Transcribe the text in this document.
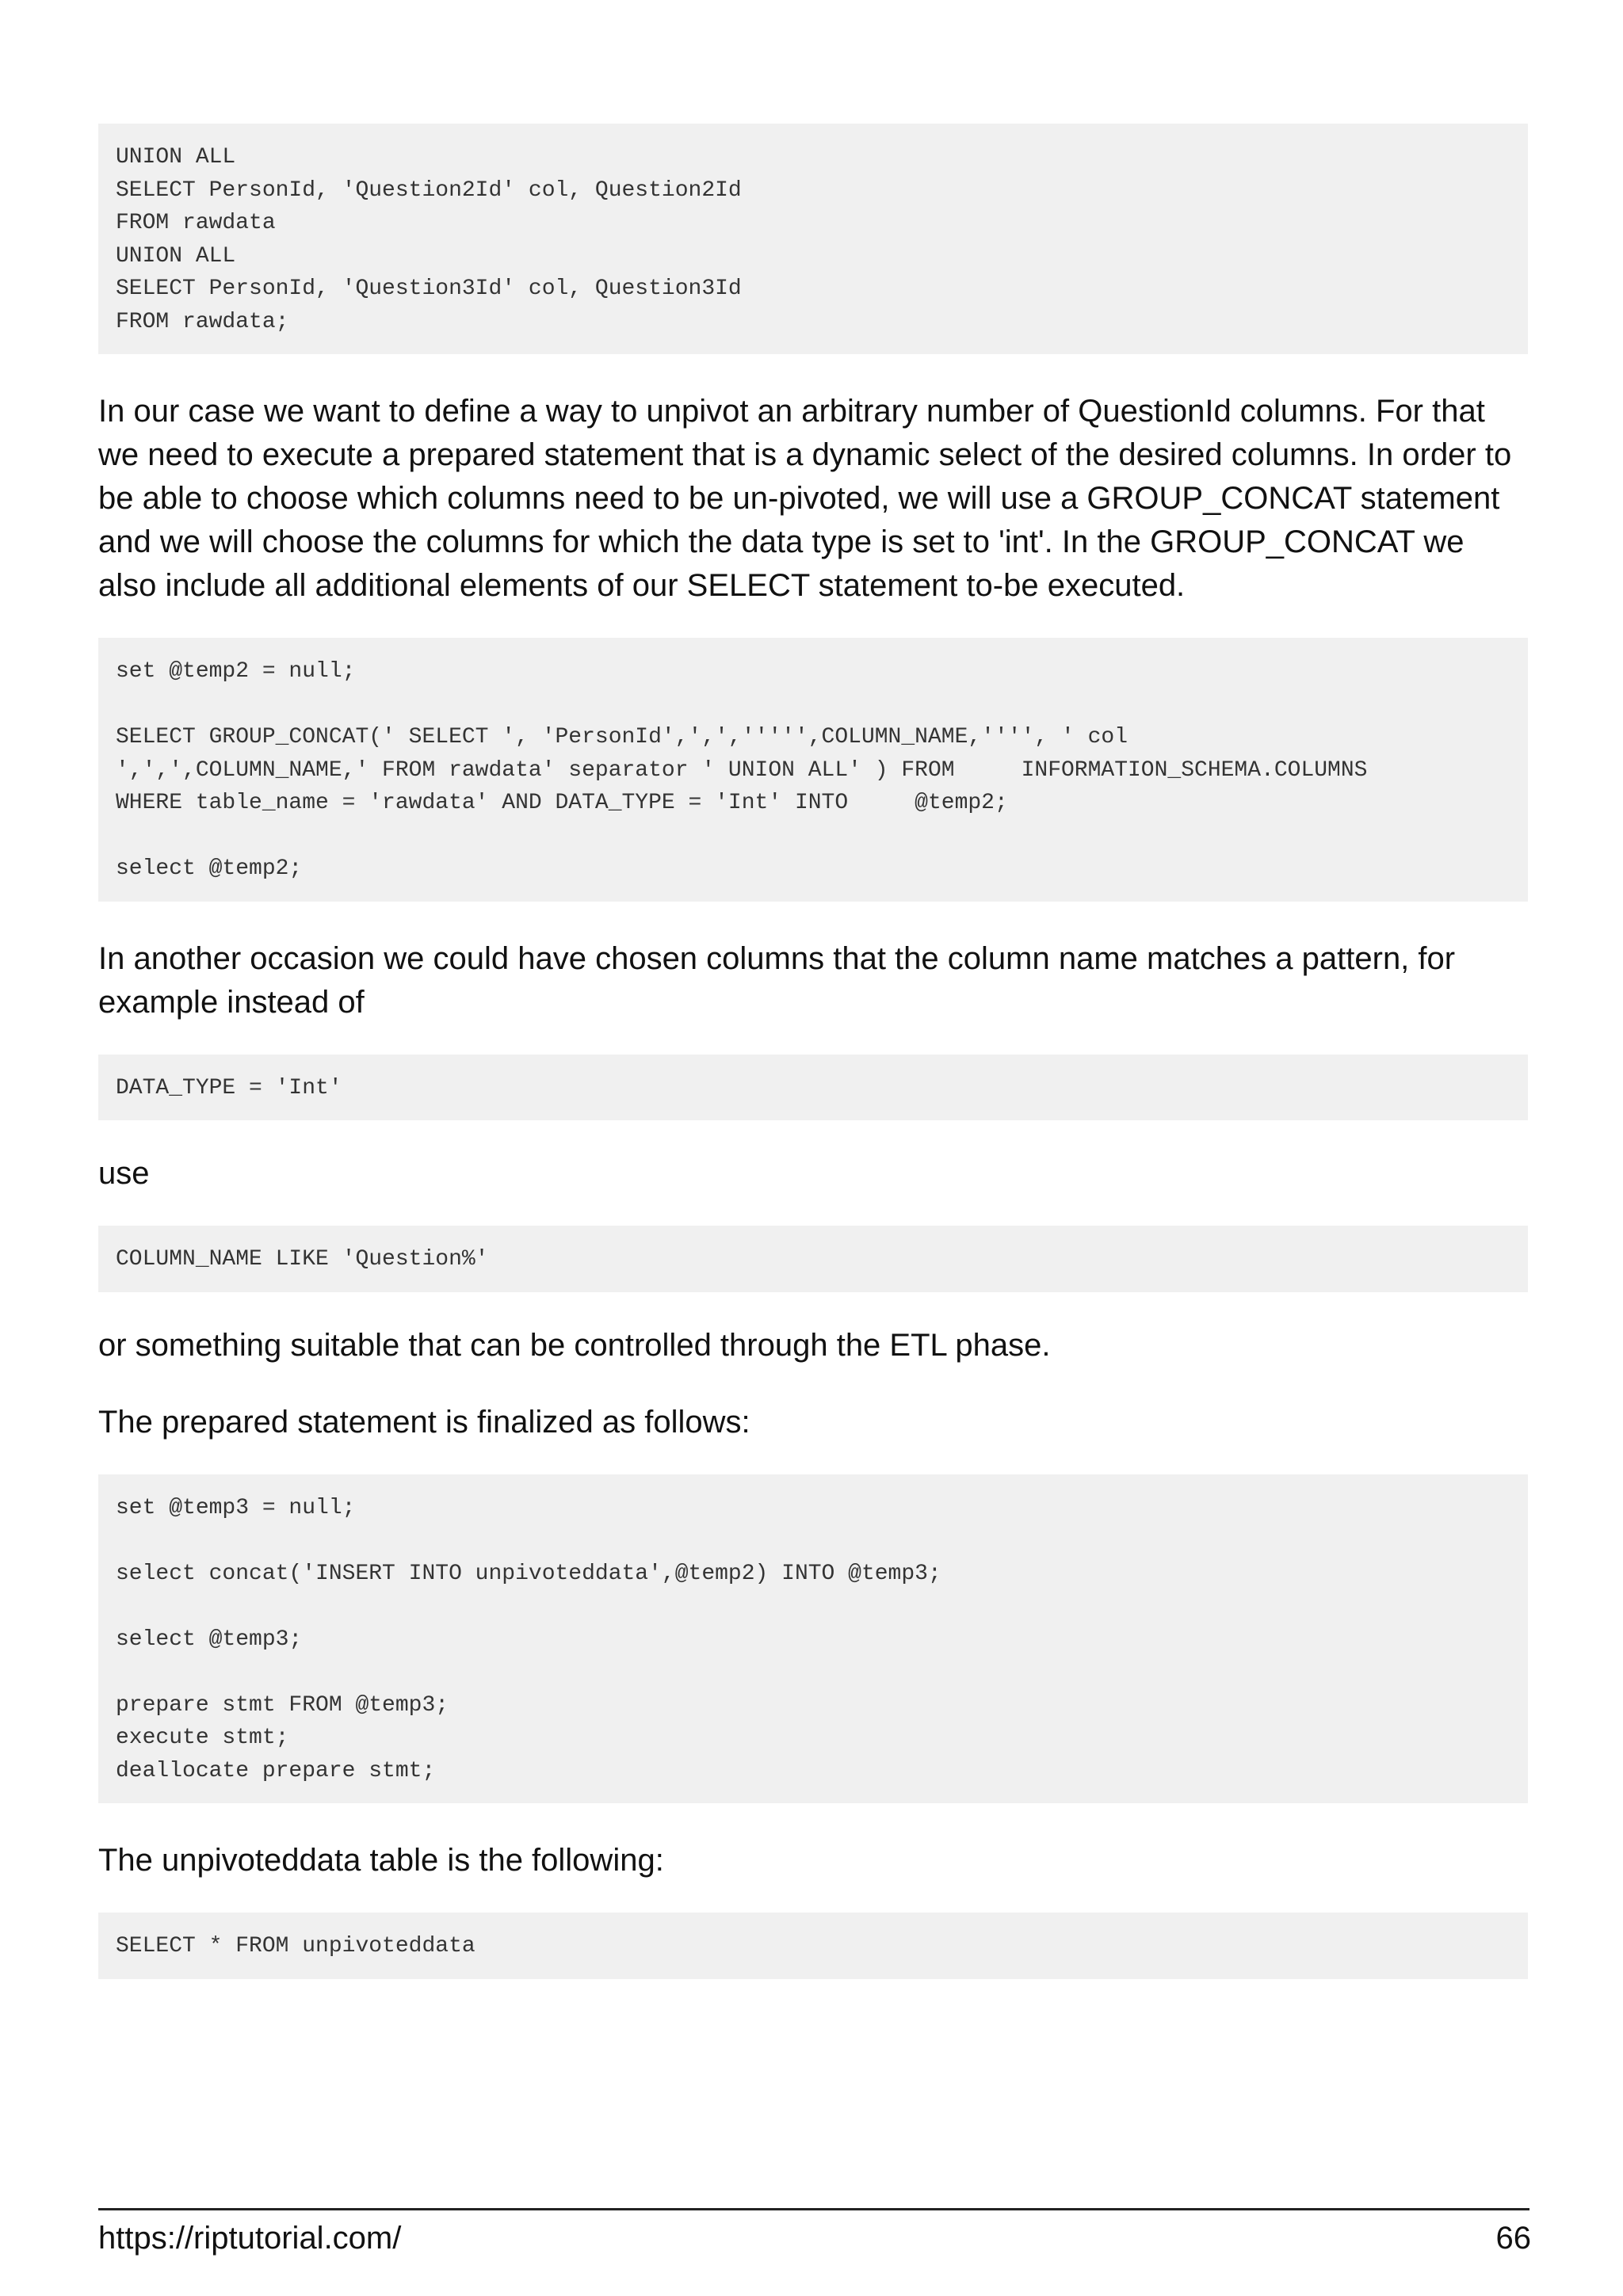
UNION ALL
SELECT PersonId, 'Question2Id' col, Question2Id
FROM rawdata
UNION ALL
SELECT PersonId, 'Question3Id' col, Question3Id
FROM rawdata;

In our case we want to define a way to unpivot an arbitrary number of QuestionId columns. For that we need to execute a prepared statement that is a dynamic select of the desired columns. In order to be able to choose which columns need to be un-pivoted, we will use a GROUP_CONCAT statement and we will choose the columns for which the data type is set to 'int'. In the GROUP_CONCAT we also include all additional elements of our SELECT statement to-be executed.

set @temp2 = null;

SELECT GROUP_CONCAT(' SELECT ', 'PersonId',',',''''',COLUMN_NAME,'''', ' col
',',',COLUMN_NAME,' FROM rawdata' separator ' UNION ALL' ) FROM     INFORMATION_SCHEMA.COLUMNS
WHERE table_name = 'rawdata' AND DATA_TYPE = 'Int' INTO     @temp2;

select @temp2;

In another occasion we could have chosen columns that the column name matches a pattern, for example instead of

DATA_TYPE = 'Int'

use

COLUMN_NAME LIKE 'Question%'

or something suitable that can be controlled through the ETL phase.

The prepared statement is finalized as follows:

set @temp3 = null;

select concat('INSERT INTO unpivoteddata',@temp2) INTO @temp3;

select @temp3;

prepare stmt FROM @temp3;
execute stmt;
deallocate prepare stmt;

The unpivoteddata table is the following:

SELECT * FROM unpivoteddata
https://riptutorial.com/	66
